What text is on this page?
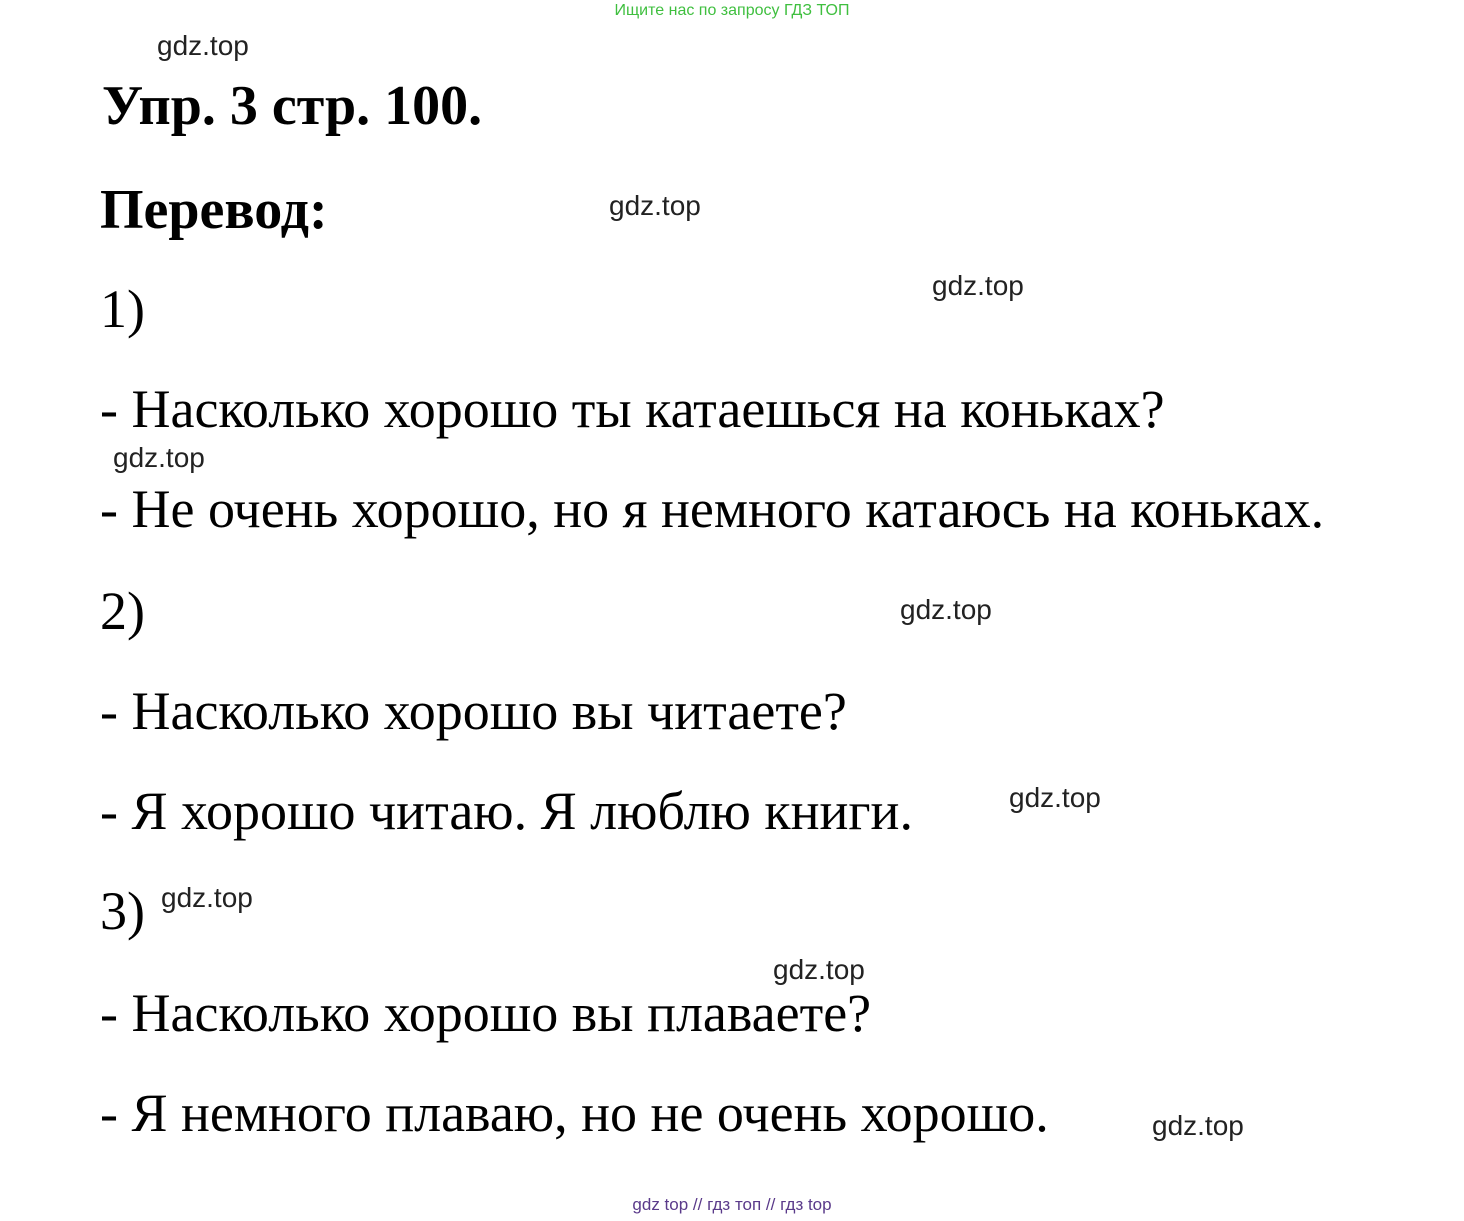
Ищите нас по запросу ГДЗ ТОП
gdz.top
Упр. 3 стр. 100.
Перевод:	gdz.top
1)	gdz.top
- Насколько хорошо ты катаешься на коньках?
gdz.top
- Не очень хорошо, но я немного катаюсь на коньках.
2)	gdz.top
- Насколько хорошо вы читаете?
- Я хорошо читаю. Я люблю книги.	gdz.top
3) gdz.top
gdz.top
- Насколько хорошо вы плаваете?
- Я немного плаваю, но не очень хорошо.	gdz.top
gdz top // гдз топ // гдз top
